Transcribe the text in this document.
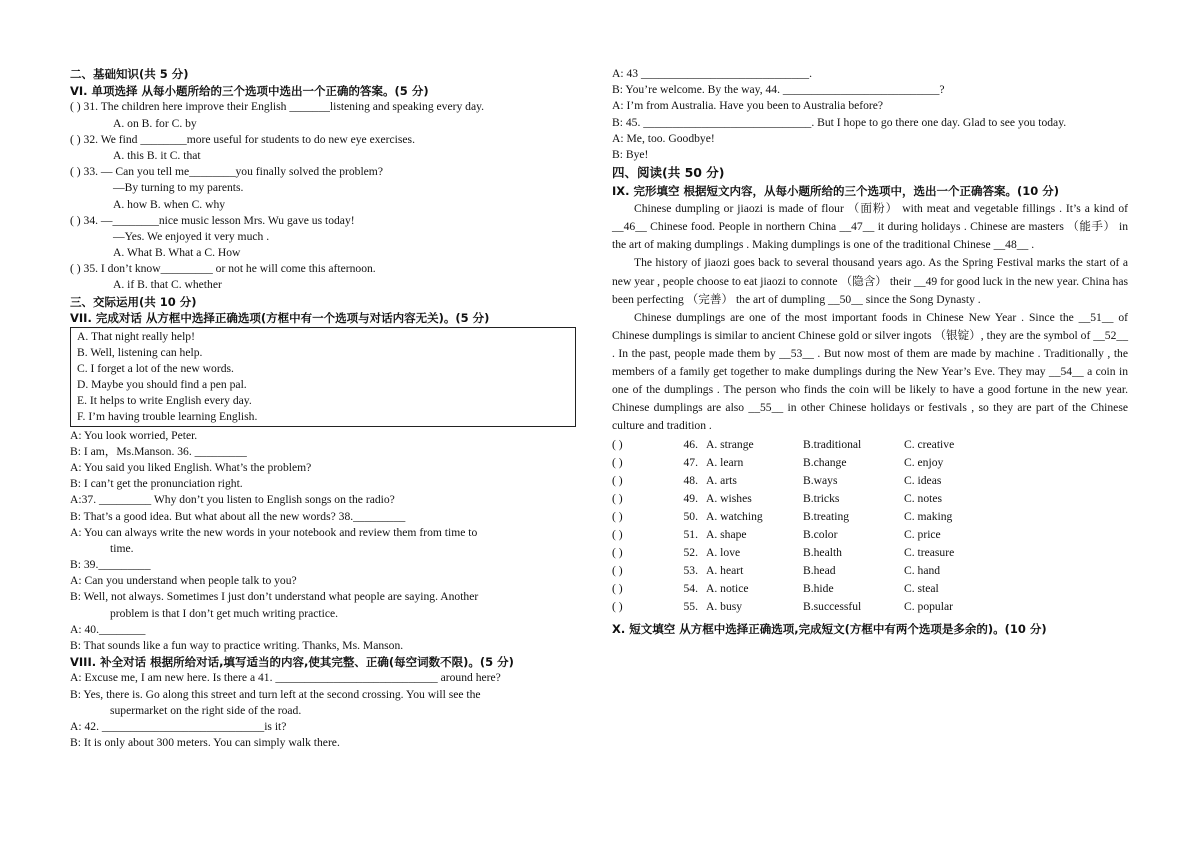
二、基础知识(共 5 分)
VI. 单项选择 从每小题所给的三个选项中选出一个正确的答案。(5 分)
( ) 31. The children here improve their English _______listening and speaking every day.
A. on B. for C. by
( ) 32. We find ________more useful for students to do new eye exercises.
A. this B. it C. that
( ) 33. — Can you tell me________you finally solved the problem?
—By turning to my parents.
A. how B. when C. why
( ) 34. —________nice music lesson Mrs. Wu gave us today!
—Yes. We enjoyed it very much .
A. What B. What a C. How
( ) 35. I don’t know_________ or not he will come this afternoon.
A. if B. that C. whether
三、交际运用(共 10 分)
VII. 完成对话 从方框中选择正确选项(方框中有一个选项与对话内容无关)。(5 分)
A. That night really help!
B. Well, listening can help.
C. I forget a lot of the new words.
D. Maybe you should find a pen pal.
E. It helps to write English every day.
F. I’m having trouble learning English.
A: You look worried, Peter.
B: I am，Ms.Manson. 36. _________
A: You said you liked English. What’s the problem?
B: I can’t get the pronunciation right.
A:37. _________ Why don’t you listen to English songs on the radio?
B: That’s a good idea. But what about all the new words? 38._________
A: You can always write the new words in your notebook and review them from time to
time.
B: 39._________
A: Can you understand when people talk to you?
B: Well, not always. Sometimes I just don’t understand what people are saying. Another
problem is that I don’t get much writing practice.
A: 40.________
B: That sounds like a fun way to practice writing. Thanks, Ms. Manson.
VIII. 补全对话 根据所给对话,填写适当的内容,使其完整、正确(每空词数不限)。(5 分)
A: Excuse me, I am new here. Is there a 41. ____________________________ around here?
B: Yes, there is. Go along this street and turn left at the second crossing. You will see the
supermarket on the right side of the road.
A: 42. ____________________________is it?
B: It is only about 300 meters. You can simply walk there.
A: 43 _____________________________.
B: You’re welcome. By the way, 44. ___________________________?
A: I’m from Australia. Have you been to Australia before?
B: 45. _____________________________. But I hope to go there one day. Glad to see you today.
A: Me, too. Goodbye!
B: Bye!
四、阅读(共 50 分)
IX. 完形填空 根据短文内容，从每小题所给的三个选项中，选出一个正确答案。(10 分)
Chinese dumpling or jiaozi is made of flour （面粉） with meat and vegetable fillings . It’s a kind of __46__ Chinese food. People in northern China __47__ it during holidays . Chinese are masters （能手） in the art of making dumplings . Making dumplings is one of the traditional Chinese __48__ .
The history of jiaozi goes back to several thousand years ago. As the Spring Festival marks the start of a new year , people choose to eat jiaozi to connote （隐含） their __49 for good luck in the new year. China has been perfecting （完善） the art of dumpling __50__ since the Song Dynasty .
Chinese dumplings are one of the most important foods in Chinese New Year . Since the __51__ of Chinese dumplings is similar to ancient Chinese gold or silver ingots （银锭）, they are the symbol of __52__ . In the past, people made them by __53__ . But now most of them are made by machine . Traditionally , the members of a family get together to make dumplings during the New Year’s Eve. They may __54__ a coin in one of the dumplings . The person who finds the coin will be likely to have a good fortune in the new year. Chinese dumplings are also __55__ in other Chinese holidays or festivals , so they are part of the Chinese culture and tradition .
( )	46. A. strange	B.traditional	C. creative
( )	47. A. learn	B.change	C. enjoy
( )	48. A. arts	B.ways	C. ideas
( )	49. A. wishes	B.tricks	C. notes
( )	50. A. watching	B.treating	C. making
( )	51. A. shape	B.color	C. price
( )	52. A. love	B.health	C. treasure
( )	53. A. heart	B.head	C. hand
( )	54. A. notice	B.hide	C. steal
( )	55. A. busy	B.successful	C. popular
X. 短文填空 从方框中选择正确选项,完成短文(方框中有两个选项是多余的)。(10 分)
